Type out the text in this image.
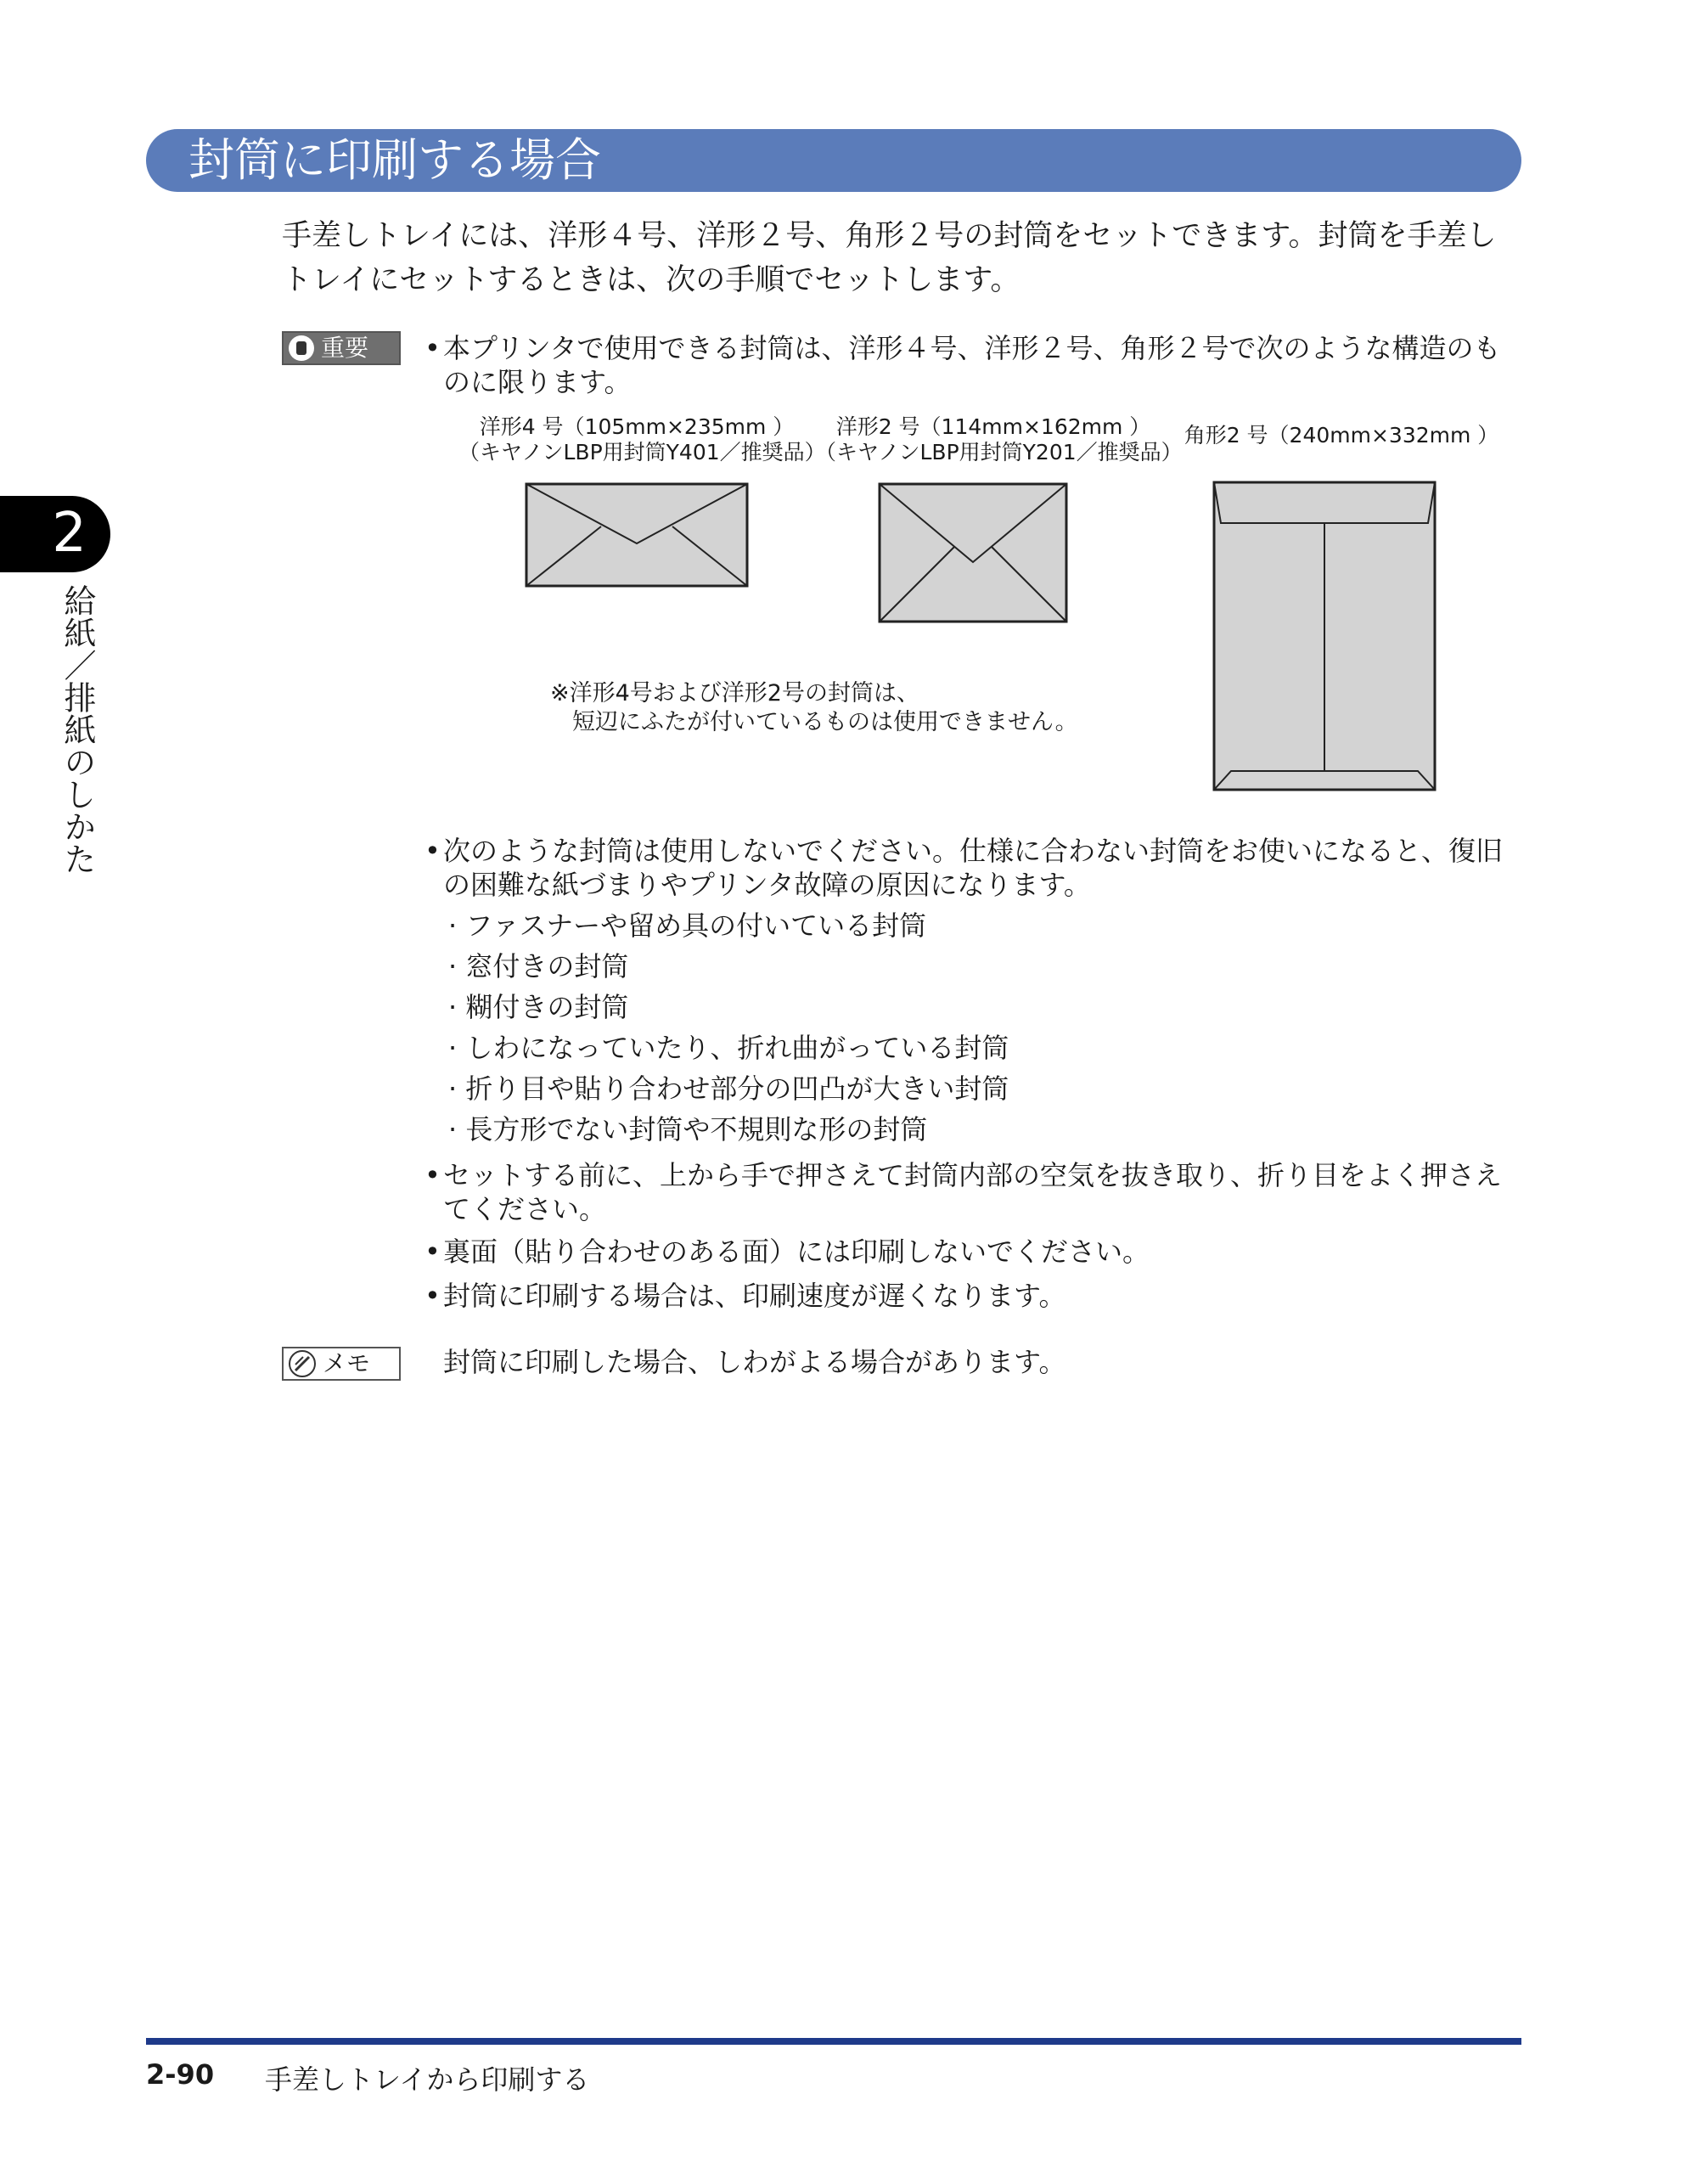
封筒に印刷する場合
2
給紙／排紙のしかた
手差しトレイには、洋形４号、洋形２号、角形２号の封筒をセットできます。封筒を手差しトレイにセットするときは、次の手順でセットします。
重要 • 本プリンタで使用できる封筒は、洋形４号、洋形２号、角形２号で次のような構造のものに限ります。
洋形4 号（105mm×235mm ）
（キヤノンLBP用封筒Y401／推奨品）
洋形2 号（114mm×162mm ）
（キヤノンLBP用封筒Y201／推奨品）
角形2 号（240mm×332mm ）
※洋形4号および洋形2号の封筒は、
短辺にふたが付いているものは使用できません。
• 次のような封筒は使用しないでください。仕様に合わない封筒をお使いになると、復旧の困難な紙づまりやプリンタ故障の原因になります。
· ファスナーや留め具の付いている封筒
· 窓付きの封筒
· 糊付きの封筒
· しわになっていたり、折れ曲がっている封筒
· 折り目や貼り合わせ部分の凹凸が大きい封筒
· 長方形でない封筒や不規則な形の封筒
• セットする前に、上から手で押さえて封筒内部の空気を抜き取り、折り目をよく押さえてください。
• 裏面（貼り合わせのある面）には印刷しないでください。
• 封筒に印刷する場合は、印刷速度が遅くなります。
メモ	封筒に印刷した場合、しわがよる場合があります。
2-90 手差しトレイから印刷する
